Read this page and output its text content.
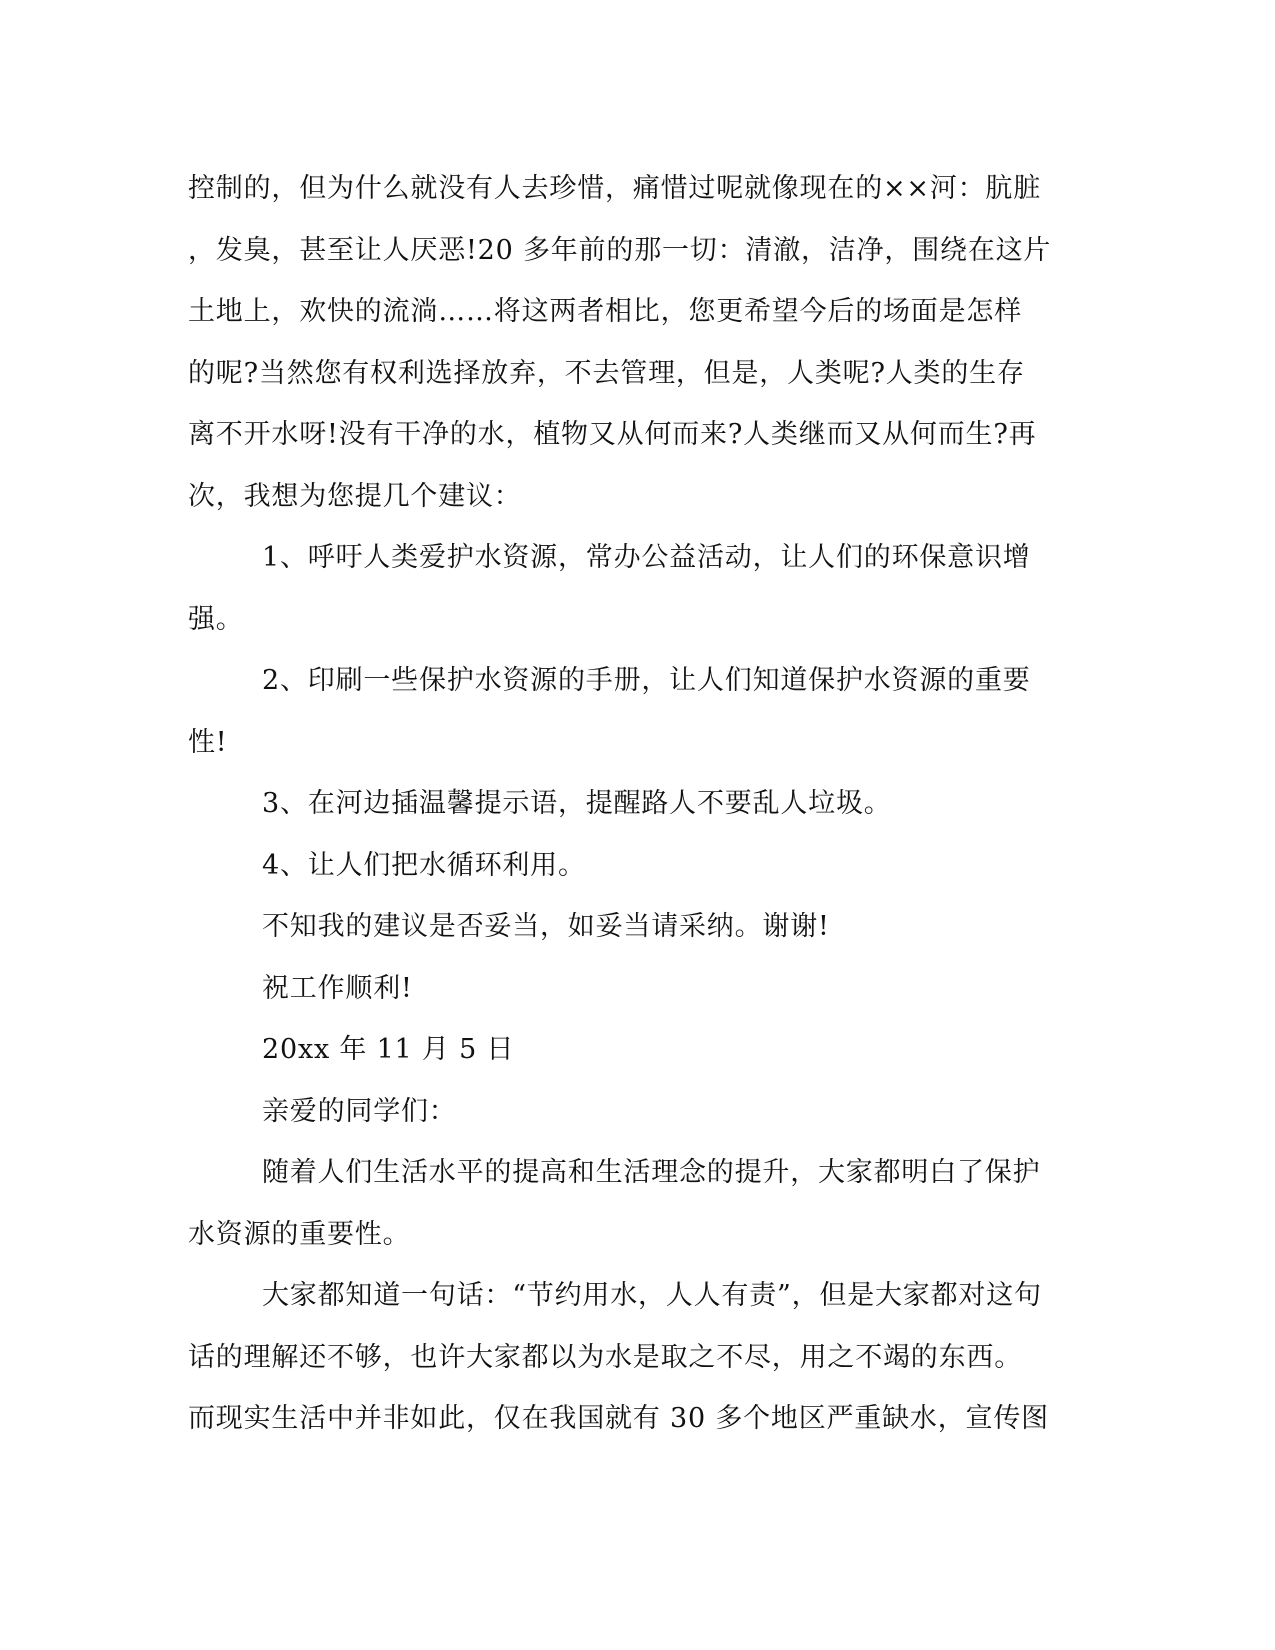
控制的，但为什么就没有人去珍惜，痛惜过呢就像现在的××河：肮脏
，发臭，甚至让人厌恶!20 多年前的那一切：清澈，洁净，围绕在这片
土地上，欢快的流淌……将这两者相比，您更希望今后的场面是怎样
的呢?当然您有权利选择放弃，不去管理，但是，人类呢?人类的生存
离不开水呀!没有干净的水，植物又从何而来?人类继而又从何而生?再
次，我想为您提几个建议：
1、呼吁人类爱护水资源，常办公益活动，让人们的环保意识增
强。
2、印刷一些保护水资源的手册，让人们知道保护水资源的重要
性!
3、在河边插温馨提示语，提醒路人不要乱人垃圾。
4、让人们把水循环利用。
不知我的建议是否妥当，如妥当请采纳。谢谢!
祝工作顺利!
20xx 年 11 月 5 日
亲爱的同学们：
随着人们生活水平的提高和生活理念的提升，大家都明白了保护
水资源的重要性。
大家都知道一句话：“节约用水，人人有责”，但是大家都对这句
话的理解还不够，也许大家都以为水是取之不尽，用之不竭的东西。
而现实生活中并非如此，仅在我国就有 30 多个地区严重缺水，宣传图
